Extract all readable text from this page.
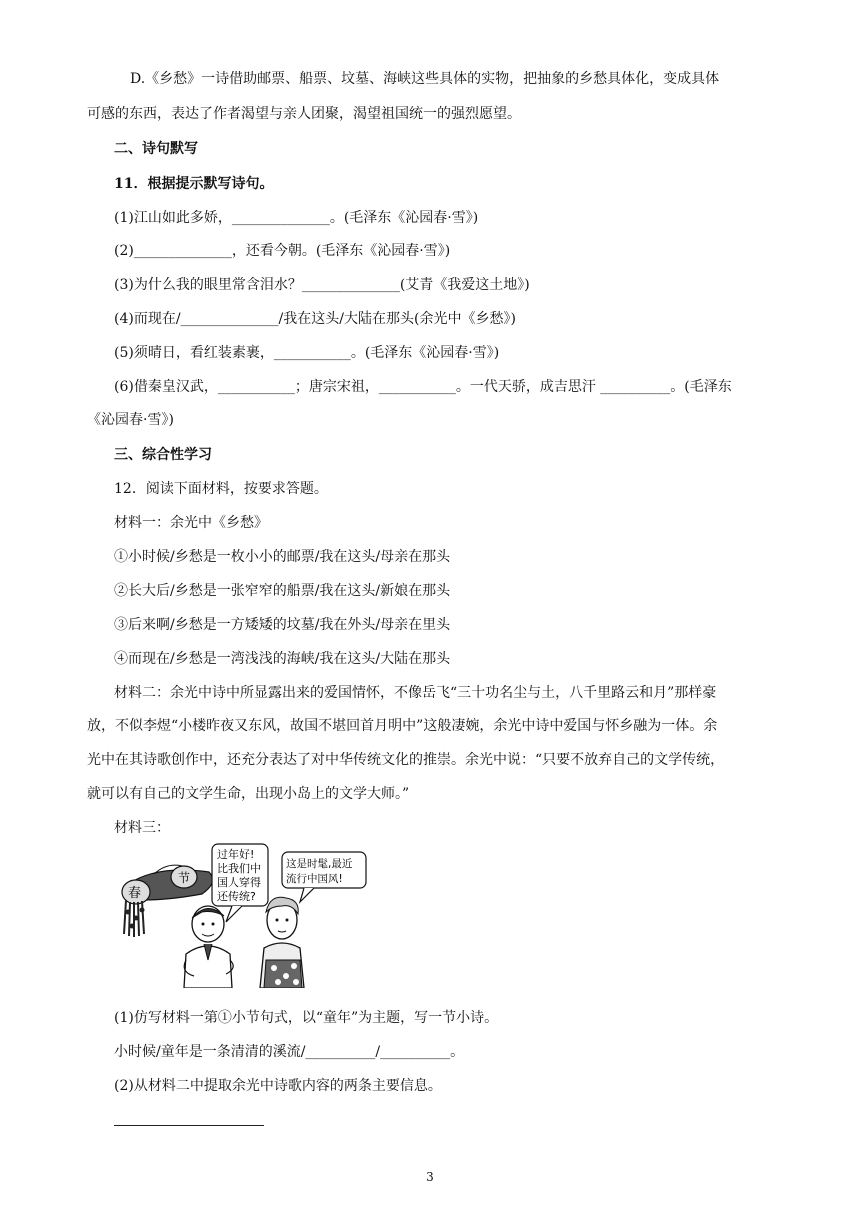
D.《乡愁》一诗借助邮票、船票、坟墓、海峡这些具体的实物，把抽象的乡愁具体化，变成具体
可感的东西，表达了作者渴望与亲人团聚，渴望祖国统一的强烈愿望。
二、诗句默写
11．根据提示默写诗句。
(1)江山如此多娇，______________。(毛泽东《沁园春·雪》)
(2)______________，还看今朝。(毛泽东《沁园春·雪》)
(3)为什么我的眼里常含泪水？______________(艾青《我爱这土地》)
(4)而现在/______________/我在这头/大陆在那头(余光中《乡愁》)
(5)须晴日，看红装素裹，___________。(毛泽东《沁园春·雪》)
(6)借秦皇汉武，___________；唐宗宋祖，___________。一代天骄，成吉思汗 __________。(毛泽东
《沁园春·雪》)
三、综合性学习
12．阅读下面材料，按要求答题。
材料一：余光中《乡愁》
①小时候/乡愁是一枚小小的邮票/我在这头/母亲在那头
②长大后/乡愁是一张窄窄的船票/我在这头/新娘在那头
③后来啊/乡愁是一方矮矮的坟墓/我在外头/母亲在里头
④而现在/乡愁是一湾浅浅的海峡/我在这头/大陆在那头
材料二：余光中诗中所显露出来的爱国情怀，不像岳飞“三十功名尘与土，八千里路云和月”那样豪
放，不似李煜“小楼昨夜又东风，故国不堪回首月明中”这般凄婉，余光中诗中爱国与怀乡融为一体。余
光中在其诗歌创作中，还充分表达了对中华传统文化的推崇。余光中说：“只要不放弃自己的文学传统，
就可以有自己的文学生命，出现小岛上的文学大师。”
材料三：
春
节
过年好!
比我们中
国人穿得
还传统?
这是时髦,最近
流行中国风!
(1)仿写材料一第①小节句式，以“童年”为主题，写一节小诗。
小时候/童年是一条清清的溪流/__________/__________。
(2)从材料二中提取余光中诗歌内容的两条主要信息。
3
